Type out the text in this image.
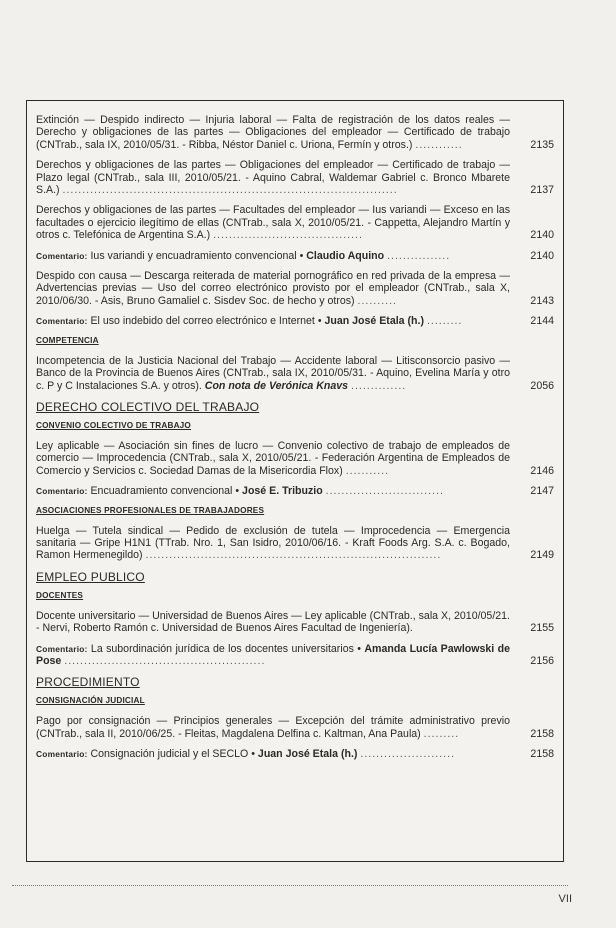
Extinción — Despido indirecto — Injuria laboral — Falta de registración de los datos reales — Derecho y obligaciones de las partes — Obligaciones del empleador — Certificado de trabajo (CNTrab., sala IX, 2010/05/31. - Ribba, Néstor Daniel c. Uriona, Fermín y otros.) ............	2135
Derechos y obligaciones de las partes — Obligaciones del empleador — Certificado de trabajo — Plazo legal (CNTrab., sala III, 2010/05/21. - Aquino Cabral, Waldemar Gabriel c. Bronco Mbarete S.A.) .....................................................................................	2137
Derechos y obligaciones de las partes — Facultades del empleador — Ius variandi — Exceso en las facultades o ejercicio ilegítimo de ellas (CNTrab., sala X, 2010/05/21. - Cappetta, Alejandro Martín y otros c. Telefónica de Argentina S.A.) ......................................	2140
Comentario: Ius variandi y encuadramiento convencional • Claudio Aquino ................	2140
Despido con causa — Descarga reiterada de material pornográfico en red privada de la empresa — Advertencias previas — Uso del correo electrónico provisto por el empleador (CNTrab., sala X, 2010/06/30. - Asis, Bruno Gamaliel c. Sisdev Soc. de hecho y otros) ..........	2143
Comentario: El uso indebido del correo electrónico e Internet • Juan José Etala (h.) .........	2144
COMPETENCIA
Incompetencia de la Justicia Nacional del Trabajo — Accidente laboral — Litisconsorcio pasivo — Banco de la Provincia de Buenos Aires (CNTrab., sala IX, 2010/05/31. - Aquino, Evelina María y otro c. P y C Instalaciones S.A. y otros). Con nota de Verónica Knavs ..............	2056
DERECHO COLECTIVO DEL TRABAJO
CONVENIO COLECTIVO DE TRABAJO
Ley aplicable — Asociación sin fines de lucro — Convenio colectivo de trabajo de empleados de comercio — Improcedencia (CNTrab., sala X, 2010/05/21. - Federación Argentina de Empleados de Comercio y Servicios c. Sociedad Damas de la Misericordia Flox) ...........	2146
Comentario: Encuadramiento convencional • José E. Tribuzio ..............................	2147
ASOCIACIONES PROFESIONALES DE TRABAJADORES
Huelga — Tutela sindical — Pedido de exclusión de tutela — Improcedencia — Emergencia sanitaria — Gripe H1N1 (TTrab. Nro. 1, San Isidro, 2010/06/16. - Kraft Foods Arg. S.A. c. Bogado, Ramon Hermenegildo) ...........................................................................	2149
EMPLEO PUBLICO
DOCENTES
Docente universitario — Universidad de Buenos Aires — Ley aplicable (CNTrab., sala X, 2010/05/21. - Nervi, Roberto Ramón c. Universidad de Buenos Aires Facultad de Ingeniería).	2155
Comentario: La subordinación jurídica de los docentes universitarios • Amanda Lucía Pawlowski de Pose ...................................................	2156
PROCEDIMIENTO
CONSIGNACIÓN JUDICIAL
Pago por consignación — Principios generales — Excepción del trámite administrativo previo (CNTrab., sala II, 2010/06/25. - Fleitas, Magdalena Delfina c. Kaltman, Ana Paula) .........	2158
Comentario: Consignación judicial y el SECLO • Juan José Etala (h.) ........................	2158
VII
